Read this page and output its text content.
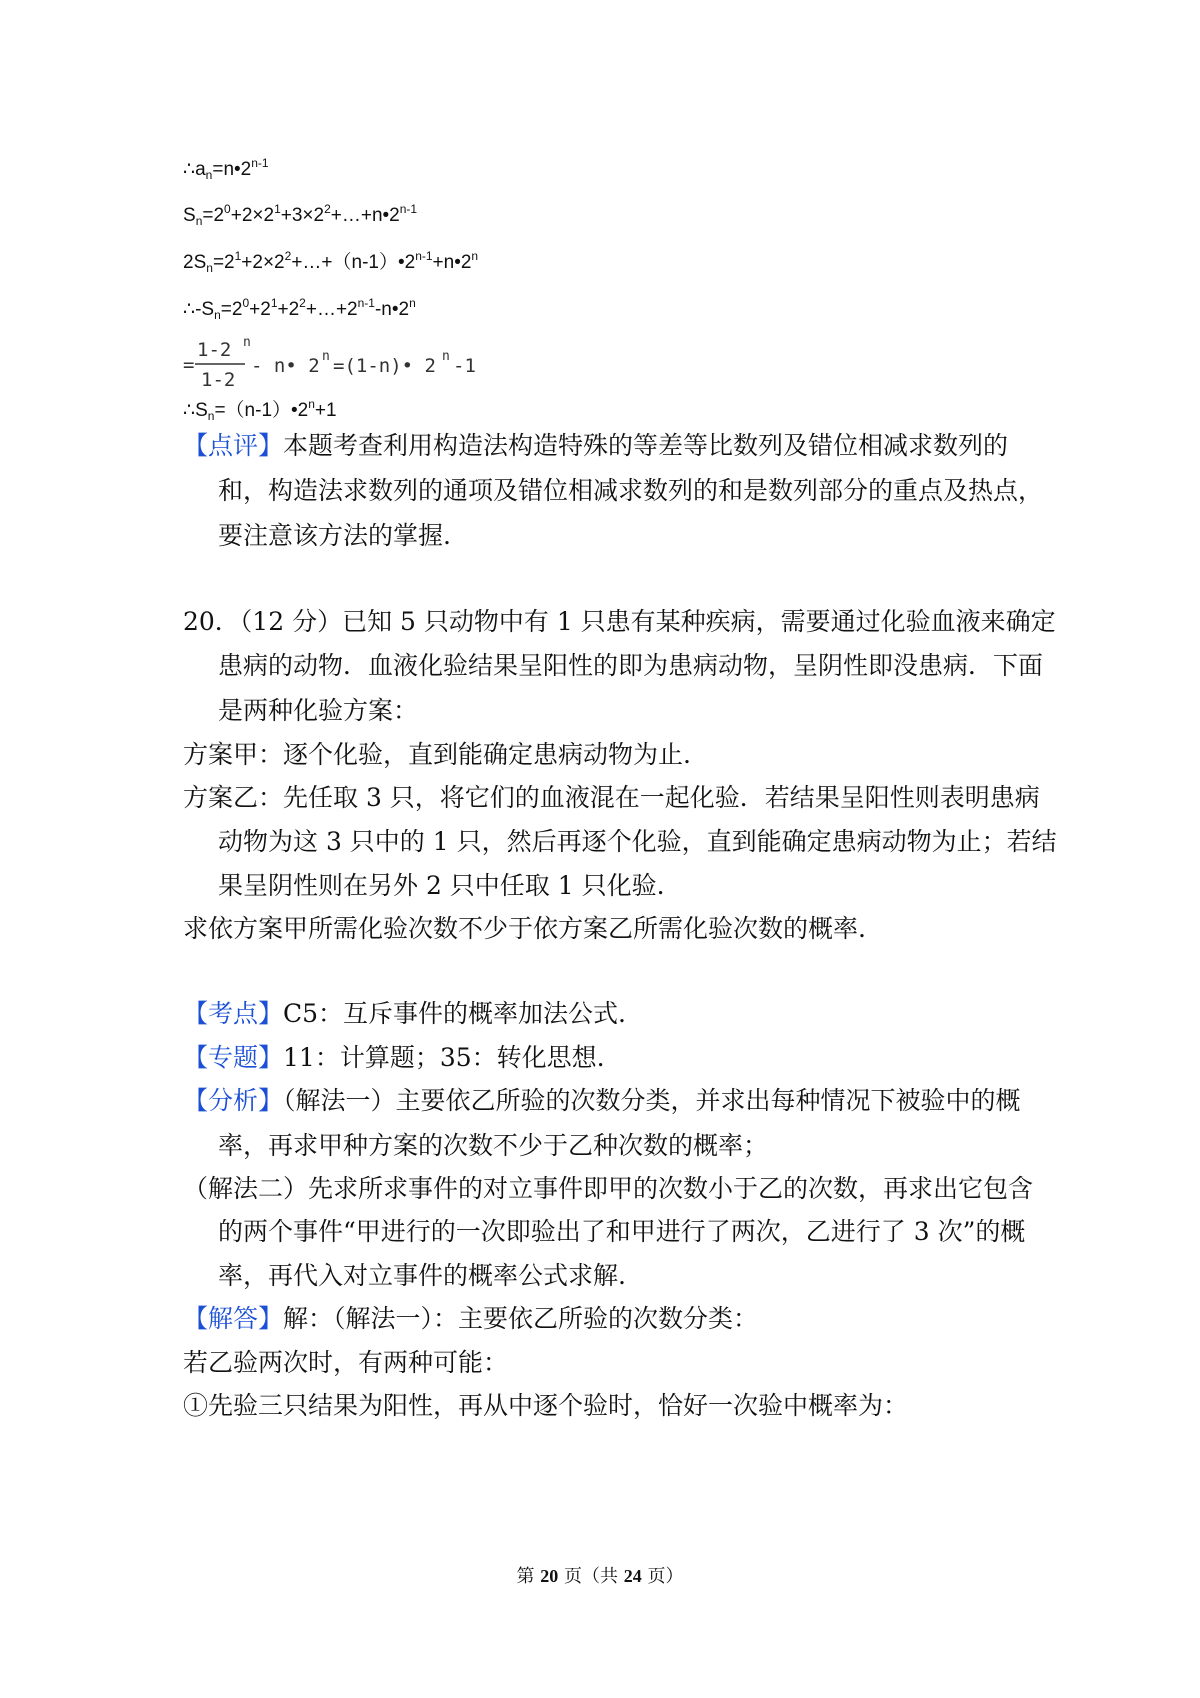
$\therefore a_n=n•2^{n‐1}$
$S_n=2^0+2\times 2^1+3\times 2^2+\dots+n•2^{n‐1}$
$2S_n=2^1+2\times 2^2+\dots+(n‐1)•2^{n‐1}+n•2^n$
$\therefore‐S_n=2^0+2^1+2^2+\dots+2^{n‐1}‐n•2^n$
=
1-2 n
1-2
- n• 2 n =(1-n)• 2 n -1
$\therefore S_n=(n‐1)•2^n+1$
【点评】本题考查利用构造法构造特殊的等差等比数列及错位相减求数列的
和，构造法求数列的通项及错位相减求数列的和是数列部分的重点及热点，
要注意该方法的掌握.
20．（12 分）已知 5 只动物中有 1 只患有某种疾病，需要通过化验血液来确定
患病的动物．血液化验结果呈阳性的即为患病动物，呈阴性即没患病．下面
是两种化验方案：
方案甲：逐个化验，直到能确定患病动物为止.
方案乙：先任取 3 只，将它们的血液混在一起化验．若结果呈阳性则表明患病
动物为这 3 只中的 1 只，然后再逐个化验，直到能确定患病动物为止；若结
果呈阴性则在另外 2 只中任取 1 只化验.
求依方案甲所需化验次数不少于依方案乙所需化验次数的概率.
【考点】C5：互斥事件的概率加法公式.
【专题】11：计算题；35：转化思想.
【分析】（解法一）主要依乙所验的次数分类，并求出每种情况下被验中的概
率，再求甲种方案的次数不少于乙种次数的概率；
（解法二）先求所求事件的对立事件即甲的次数小于乙的次数，再求出它包含
的两个事件“甲进行的一次即验出了和甲进行了两次，乙进行了 3 次”的概
率，再代入对立事件的概率公式求解.
【解答】解：（解法一）：主要依乙所验的次数分类：
若乙验两次时，有两种可能：
①先验三只结果为阳性，再从中逐个验时，恰好一次验中概率为：
第 20 页（共 24 页）
